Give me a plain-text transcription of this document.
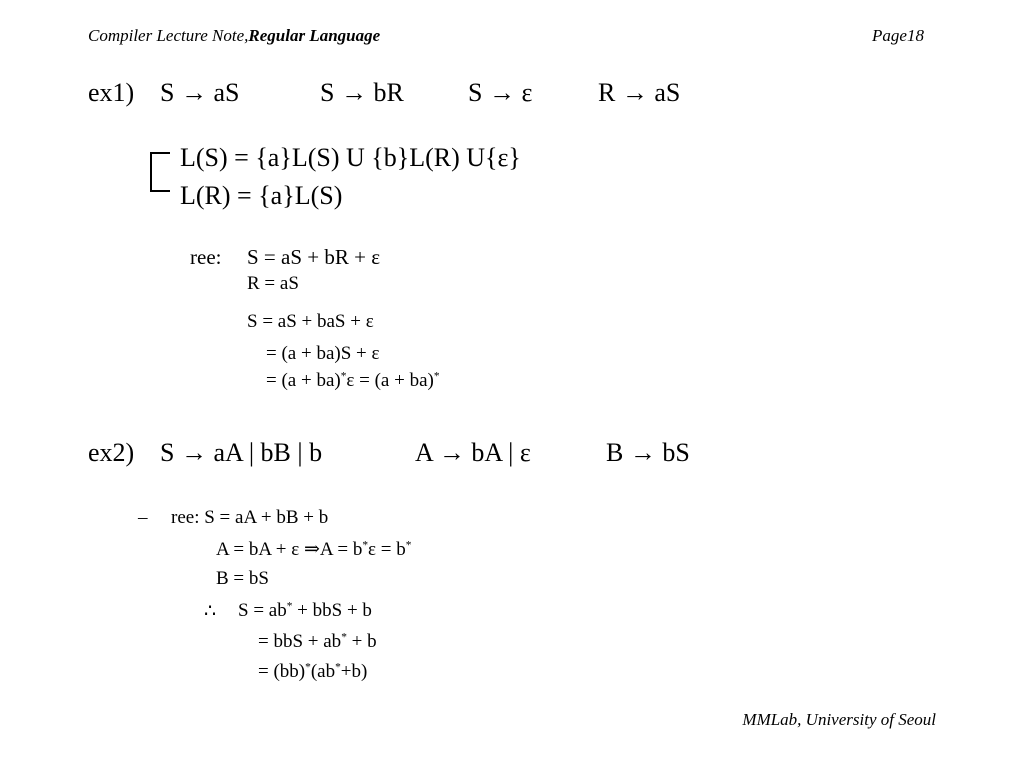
Compiler Lecture Note,Regular Language	Page18
ex1) S → aS	S → bR S → ε	R → aS
L(S) = {a}L(S) U {b}L(R) U{ε}
L(R) = {a}L(S)
ree: S = aS + bR + ε
R = aS
S = aS + baS + ε
= (a + ba)S + ε
= (a + ba)*ε = (a + ba)*
ex2) S → aA | bB | b	A → bA | ε	B → bS
– ree: S = aA + bB + b
A = bA + ε ⇒A = b*ε = b*
B = bS
∴ S = ab* + bbS + b
= bbS + ab* + b
= (bb)*(ab*+b)
MMLab, University of Seoul
